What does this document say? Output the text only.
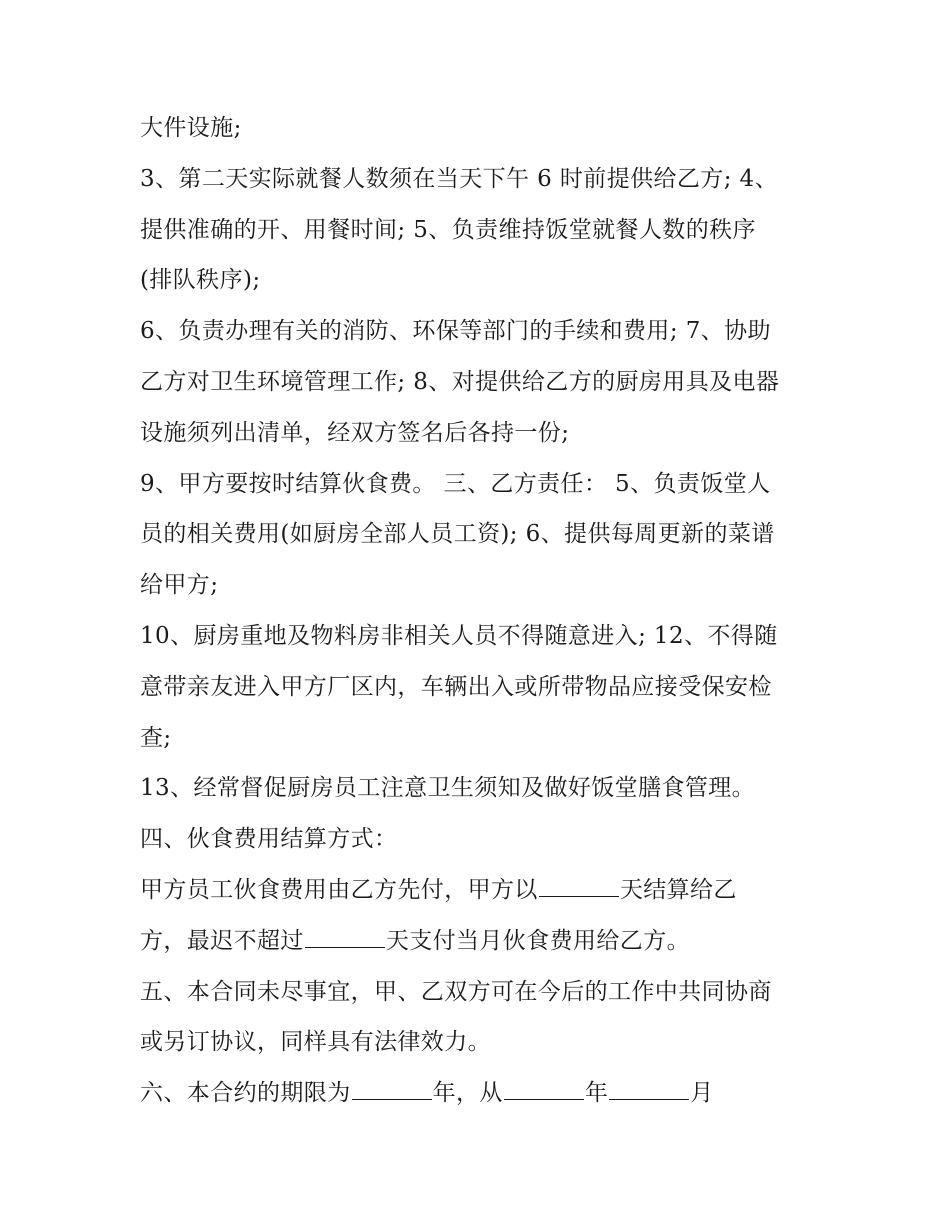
大件设施;
3、第二天实际就餐人数须在当天下午 6 时前提供给乙方; 4、
提供准确的开、用餐时间; 5、负责维持饭堂就餐人数的秩序
(排队秩序);
6、负责办理有关的消防、环保等部门的手续和费用; 7、协助
乙方对卫生环境管理工作; 8、对提供给乙方的厨房用具及电器
设施须列出清单，经双方签名后各持一份;
9、甲方要按时结算伙食费。 三、乙方责任： 5、负责饭堂人
员的相关费用(如厨房全部人员工资); 6、提供每周更新的菜谱
给甲方;
10、厨房重地及物料房非相关人员不得随意进入; 12、不得随
意带亲友进入甲方厂区内，车辆出入或所带物品应接受保安检
查;
13、经常督促厨房员工注意卫生须知及做好饭堂膳食管理。
四、伙食费用结算方式：
甲方员工伙食费用由乙方先付，甲方以	天结算给乙
方，最迟不超过	天支付当月伙食费用给乙方。
五、本合同未尽事宜，甲、乙双方可在今后的工作中共同协商
或另订协议，同样具有法律效力。
六、本合约的期限为	年，从	年	月
